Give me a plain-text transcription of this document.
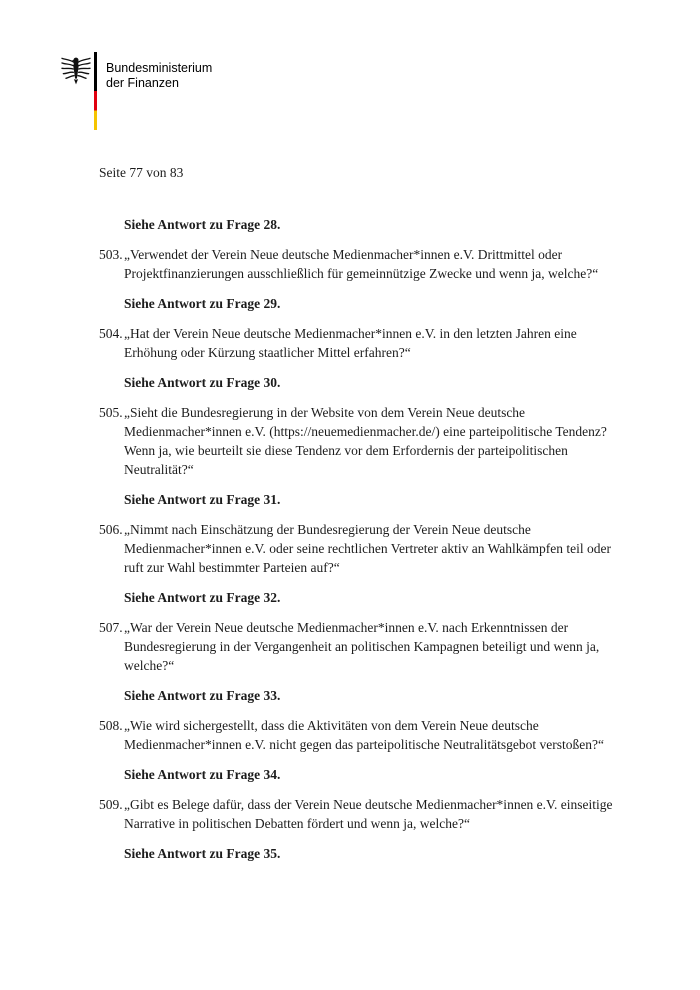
Bundesministerium
der Finanzen
Seite 77 von 83

Siehe Antwort zu Frage 28.

503. „Verwendet der Verein Neue deutsche Medienmacher*innen e.V. Drittmittel oder Projektfinanzierungen ausschließlich für gemeinnützige Zwecke und wenn ja, welche?“

Siehe Antwort zu Frage 29.

504. „Hat der Verein Neue deutsche Medienmacher*innen e.V. in den letzten Jahren eine Erhöhung oder Kürzung staatlicher Mittel erfahren?“

Siehe Antwort zu Frage 30.

505. „Sieht die Bundesregierung in der Website von dem Verein Neue deutsche Medienmacher*innen e.V. (https://neuemedienmacher.de/) eine parteipolitische Tendenz? Wenn ja, wie beurteilt sie diese Tendenz vor dem Erfordernis der parteipolitischen Neutralität?“

Siehe Antwort zu Frage 31.

506. „Nimmt nach Einschätzung der Bundesregierung der Verein Neue deutsche Medienmacher*innen e.V. oder seine rechtlichen Vertreter aktiv an Wahlkämpfen teil oder ruft zur Wahl bestimmter Parteien auf?“

Siehe Antwort zu Frage 32.

507. „War der Verein Neue deutsche Medienmacher*innen e.V. nach Erkenntnissen der Bundesregierung in der Vergangenheit an politischen Kampagnen beteiligt und wenn ja, welche?“

Siehe Antwort zu Frage 33.

508. „Wie wird sichergestellt, dass die Aktivitäten von dem Verein Neue deutsche Medienmacher*innen e.V. nicht gegen das parteipolitische Neutralitätsgebot verstoßen?“

Siehe Antwort zu Frage 34.

509. „Gibt es Belege dafür, dass der Verein Neue deutsche Medienmacher*innen e.V. einseitige Narrative in politischen Debatten fördert und wenn ja, welche?“

Siehe Antwort zu Frage 35.
